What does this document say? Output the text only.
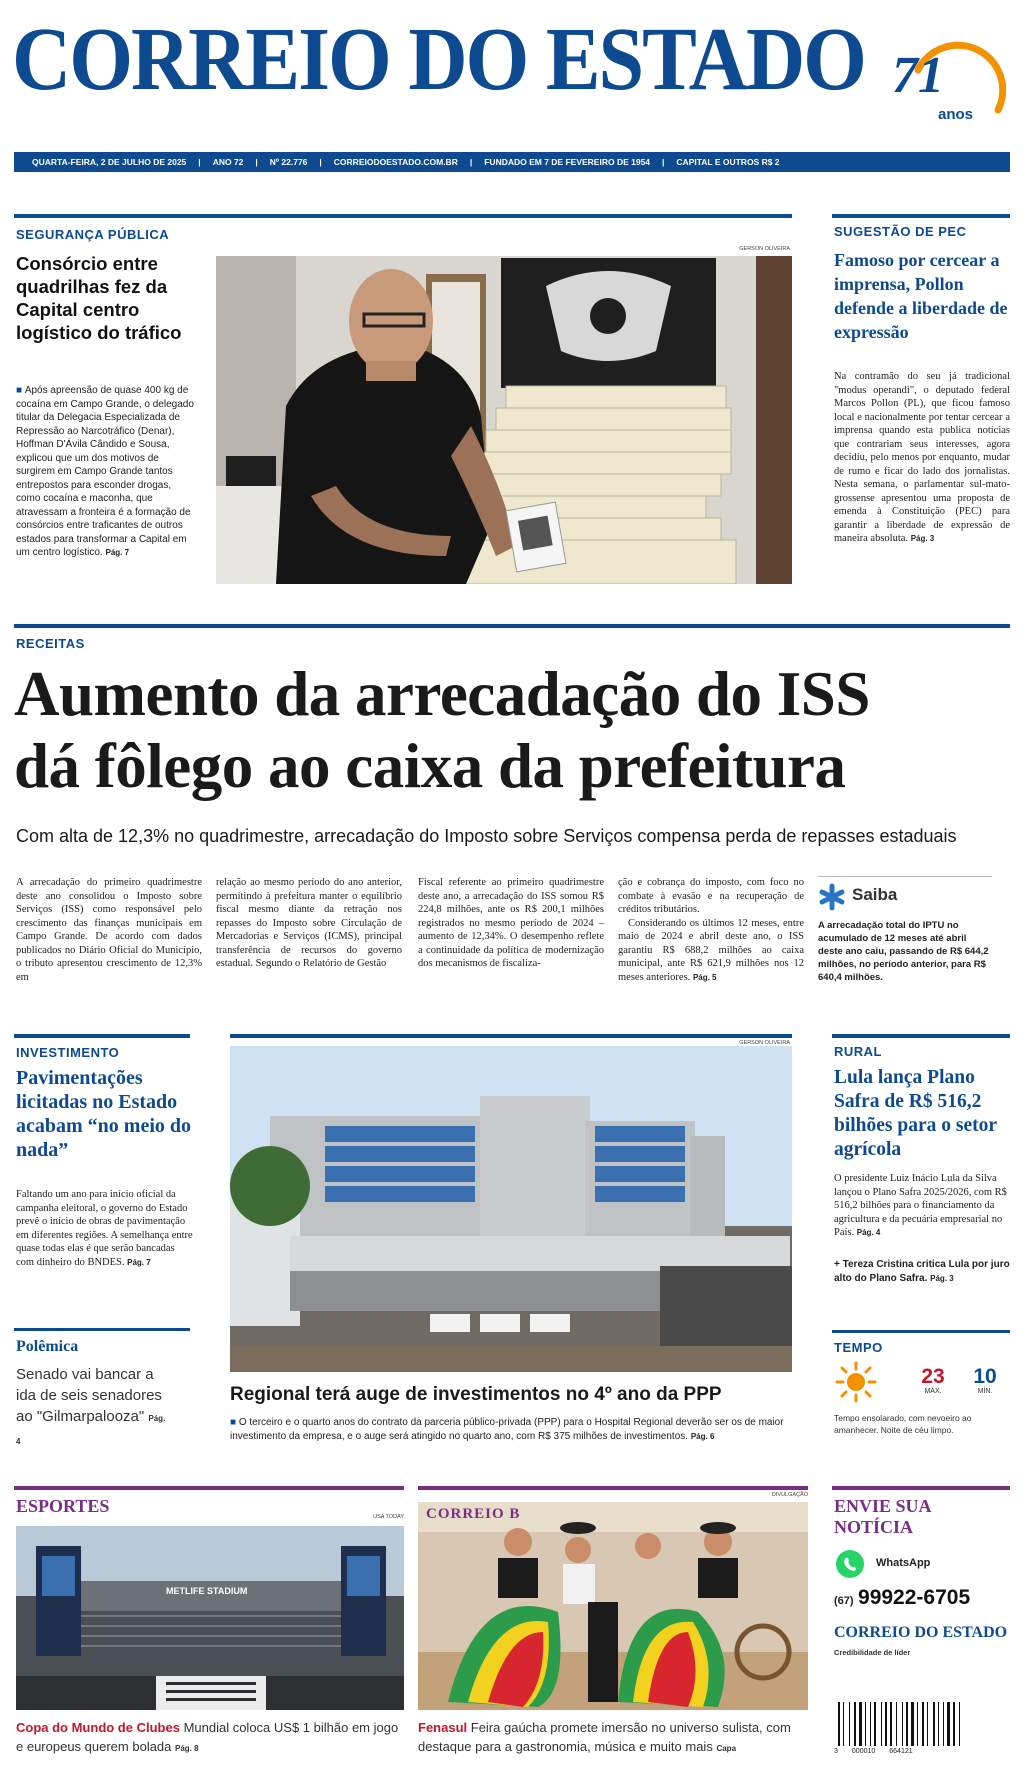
CORREIO DO ESTADO 71
anos
QUARTA-FEIRA, 2 DE JULHO DE 2025 | ANO 72 | Nº 22.776 | CORREIODOESTADO.COM.BR | FUNDADO EM 7 DE FEVEREIRO DE 1954 | CAPITAL E OUTROS R$ 2
SEGURANÇA PÚBLICA
Consórcio entre quadrilhas fez da Capital centro logístico do tráfico
■ Após apreensão de quase 400 kg de cocaína em Campo Grande, o delegado titular da Delegacia Especializada de Repressão ao Narcotráfico (Denar), Hoffman D'Ávila Cândido e Sousa, explicou que um dos motivos de surgirem em Campo Grande tantos entrepostos para esconder drogas, como cocaína e maconha, que atravessam a fronteira é a formação de consórcios entre traficantes de outros estados para transformar a Capital em um centro logístico. Pág. 7
GERSON OLIVEIRA
SUGESTÃO DE PEC
Famoso por cercear a imprensa, Pollon defende a liberdade de expressão
Na contramão do seu já tradicional "modus operandi", o deputado federal Marcos Pollon (PL), que ficou famoso local e nacionalmente por tentar cercear a imprensa quando esta publica notícias que contrariam seus interesses, agora decidiu, pelo menos por enquanto, mudar de rumo e ficar do lado dos jornalistas. Nesta semana, o parlamentar sul-mato-grossense apresentou uma proposta de emenda à Constituição (PEC) para garantir a liberdade de expressão de maneira absoluta. Pág. 3
RECEITAS
Aumento da arrecadação do ISS
dá fôlego ao caixa da prefeitura
Com alta de 12,3% no quadrimestre, arrecadação do Imposto sobre Serviços compensa perda de repasses estaduais
A arrecadação do primeiro quadrimestre deste ano consolidou o Imposto sobre Serviços (ISS) como responsável pelo crescimento das finanças municipais em Campo Grande. De acordo com dados publicados no Diário Oficial do Município, o tributo apresentou crescimento de 12,3% em
relação ao mesmo período do ano anterior, permitindo à prefeitura manter o equilíbrio fiscal mesmo diante da retração nos repasses do Imposto sobre Circulação de Mercadorias e Serviços (ICMS), principal transferência de recursos do governo estadual. Segundo o Relatório de Gestão
Fiscal referente ao primeiro quadrimestre deste ano, a arrecadação do ISS somou R$ 224,8 milhões, ante os R$ 200,1 milhões registrados no mesmo período de 2024 – aumento de 12,34%. O desempenho reflete a continuidade da política de modernização dos mecanismos de fiscaliza-
ção e cobrança do imposto, com foco no combate à evasão e na recuperação de créditos tributários.
Considerando os últimos 12 meses, entre maio de 2024 e abril deste ano, o ISS garantiu R$ 688,2 milhões ao caixa municipal, ante R$ 621,9 milhões nos 12 meses anteriores. Pág. 5
Saiba
A arrecadação total do IPTU no acumulado de 12 meses até abril deste ano caiu, passando de R$ 644,2 milhões, no período anterior, para R$ 640,4 milhões.
INVESTIMENTO
Pavimentações licitadas no Estado acabam “no meio do nada”
Faltando um ano para início oficial da campanha eleitoral, o governo do Estado prevê o início de obras de pavimentação em diferentes regiões. A semelhança entre quase todas elas é que serão bancadas com dinheiro do BNDES. Pág. 7
Polêmica
Senado vai bancar a ida de seis senadores ao "Gilmarpalooza" Pág. 4
GERSON OLIVEIRA
Regional terá auge de investimentos no 4º ano da PPP
■ O terceiro e o quarto anos do contrato da parceria público-privada (PPP) para o Hospital Regional deverão ser os de maior investimento da empresa, e o auge será atingido no quarto ano, com R$ 375 milhões de investimentos. Pág. 6
RURAL
Lula lança Plano Safra de R$ 516,2 bilhões para o setor agrícola
O presidente Luiz Inácio Lula da Silva lançou o Plano Safra 2025/2026, com R$ 516,2 bilhões para o financiamento da agricultura e da pecuária empresarial no País. Pág. 4
+ Tereza Cristina critica Lula por juro alto do Plano Safra. Pág. 3
TEMPO
23
MÁX.
10
MÍN.
Tempo ensolarado, com nevoeiro ao amanhecer. Noite de céu limpo.
ESPORTES
USA TODAY
METLIFE STADIUM
Copa do Mundo de Clubes Mundial coloca US$ 1 bilhão em jogo e europeus querem bolada Pág. 8
DIVULGAÇÃO
CORREIO B
Fenasul Feira gaúcha promete imersão no universo sulista, com destaque para a gastronomia, música e muito mais Capa
ENVIE SUA
NOTÍCIA
WhatsApp
(67) 99922-6705
CORREIO DO ESTADO
Credibilidade de líder
3 000010 664121
